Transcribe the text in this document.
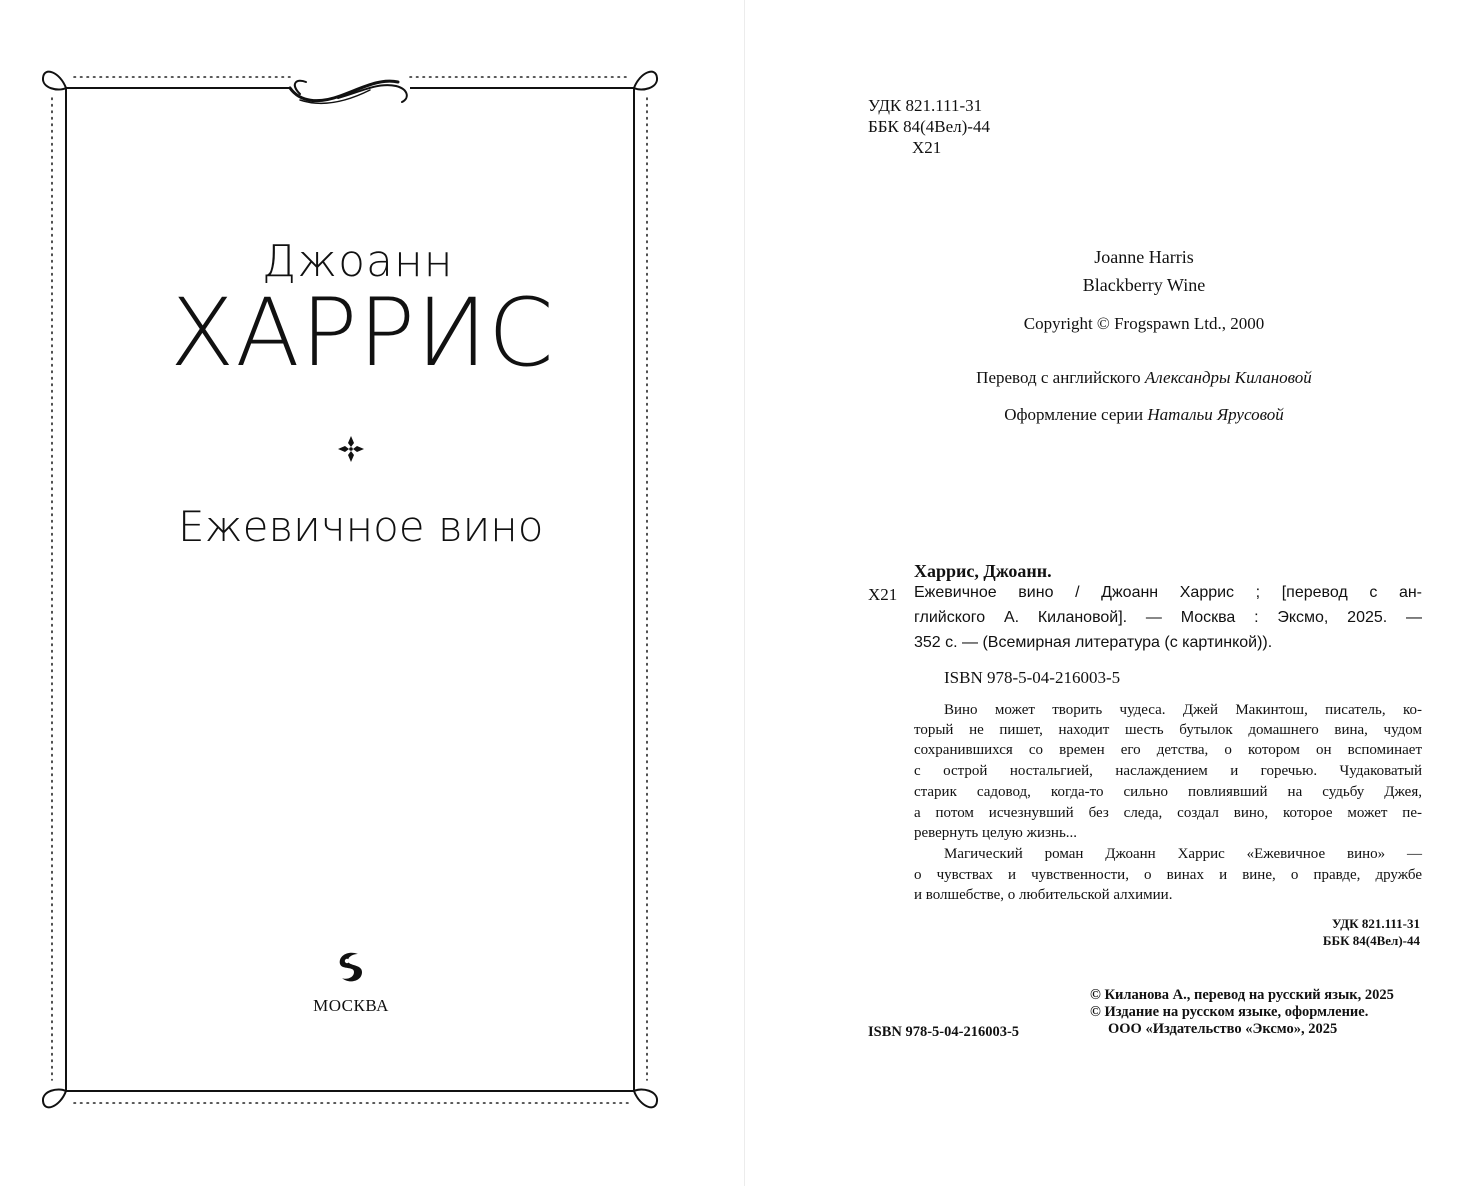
Джоанн
ХАРРИС
Ежевичное вино
МОСКВА
УДК 821.111-31
ББК 84(4Вел)-44
Х21
Joanne Harris
Blackberry Wine
Copyright © Frogspawn Ltd., 2000
Перевод с английского Александры Килановой
Оформление серии Натальи Ярусовой
Харрис, Джоанн.
Х21 Ежевичное вино / Джоанн Харрис ; [перевод с ан-
глийского А. Килановой]. — Москва : Эксмо, 2025. —
352 с. — (Всемирная литература (с картинкой)).
ISBN 978-5-04-216003-5
Вино может творить чудеса. Джей Макинтош, писатель, ко-
торый не пишет, находит шесть бутылок домашнего вина, чудом
сохранившихся со времен его детства, о котором он вспоминает
с острой ностальгией, наслаждением и горечью. Чудаковатый
старик садовод, когда-то сильно повлиявший на судьбу Джея,
а потом исчезнувший без следа, создал вино, которое может пе-
ревернуть целую жизнь...
Магический роман Джоанн Харрис «Ежевичное вино» —
о чувствах и чувственности, о винах и вине, о правде, дружбе
и волшебстве, о любительской алхимии.
УДК 821.111-31
ББК 84(4Вел)-44
© Киланова А., перевод на русский язык, 2025
© Издание на русском языке, оформление.
ООО «Издательство «Эксмо», 2025
ISBN 978-5-04-216003-5
